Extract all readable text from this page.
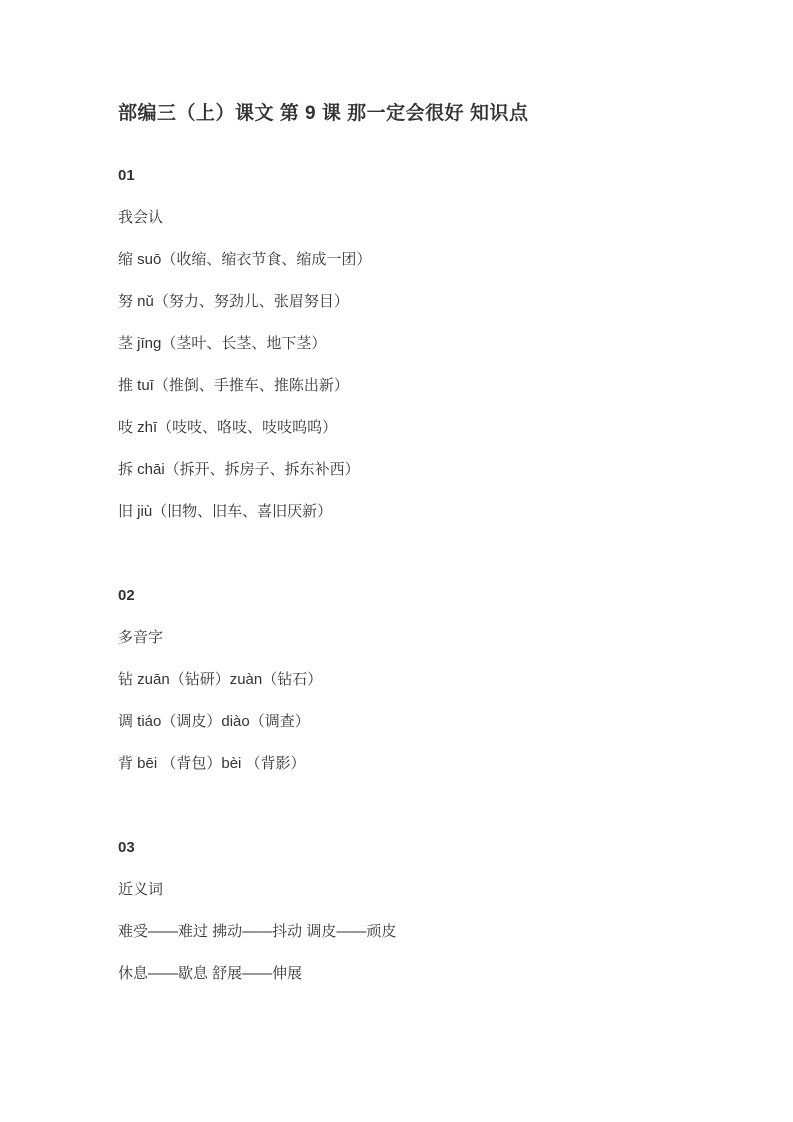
部编三（上）课文 第 9 课 那一定会很好 知识点
01

我会认

缩 suō（收缩、缩衣节食、缩成一团）

努 nǔ（努力、努劲儿、张眉努目）

茎 jīng（茎叶、长茎、地下茎）

推 tuī（推倒、手推车、推陈出新）

吱 zhī（吱吱、咯吱、吱吱呜呜）

拆 chāi（拆开、拆房子、拆东补西）

旧 jiù（旧物、旧车、喜旧厌新）

02

多音字

钻 zuān（钻研）zuàn（钻石）

调 tiáo（调皮）diào（调查）

背 bēi （背包）bèi （背影）

03

近义词

难受——难过 拂动——抖动 调皮——顽皮

休息——歇息 舒展——伸展
